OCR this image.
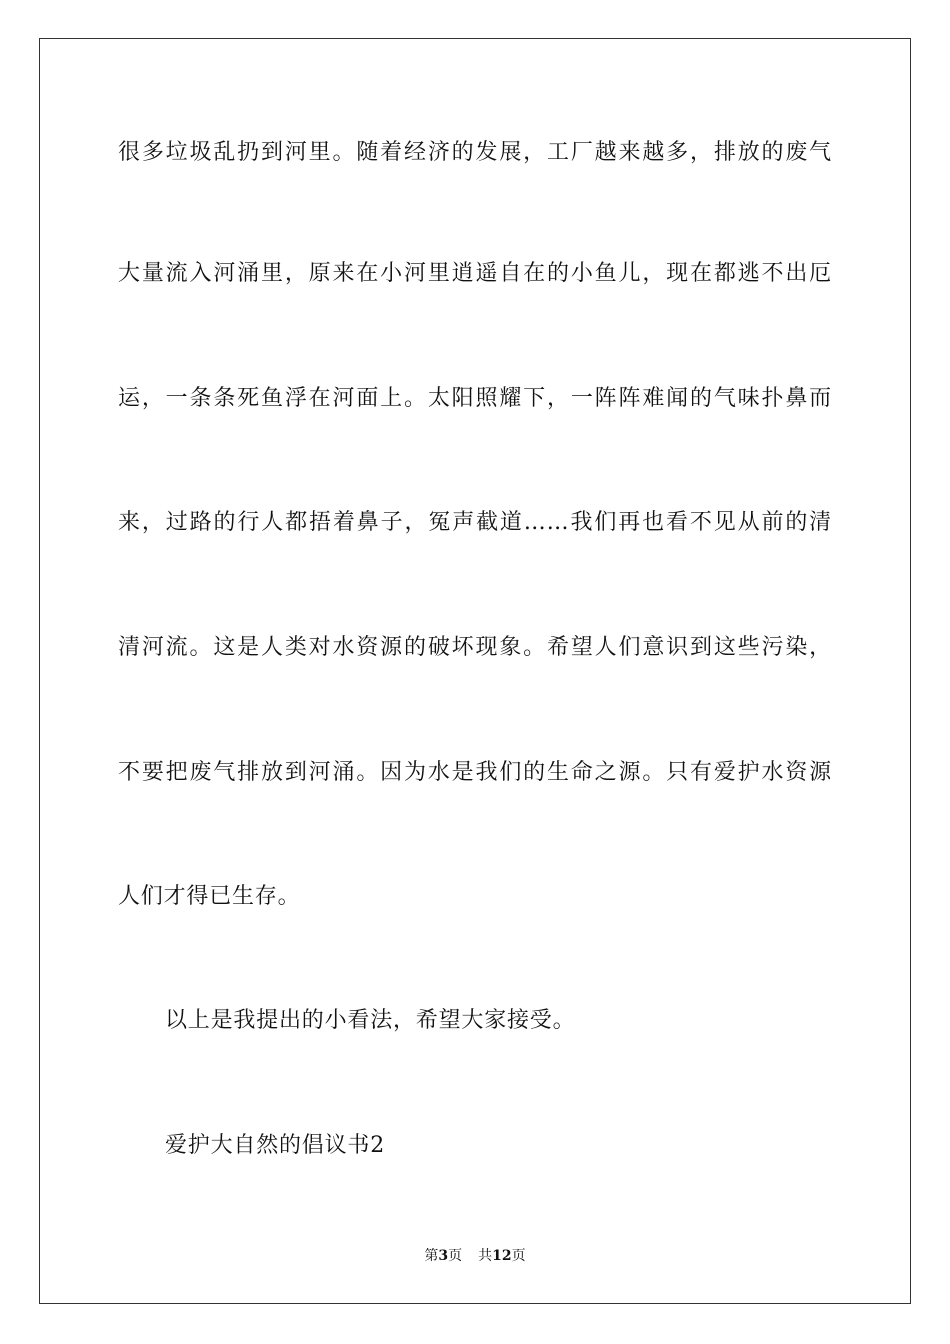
很多垃圾乱扔到河里。随着经济的发展，工厂越来越多，排放的废气
大量流入河涌里，原来在小河里逍遥自在的小鱼儿，现在都逃不出厄
运，一条条死鱼浮在河面上。太阳照耀下，一阵阵难闻的气味扑鼻而
来，过路的行人都捂着鼻子，冤声截道……我们再也看不见从前的清
清河流。这是人类对水资源的破坏现象。希望人们意识到这些污染，
不要把废气排放到河涌。因为水是我们的生命之源。只有爱护水资源
人们才得已生存。
以上是我提出的小看法，希望大家接受。
爱护大自然的倡议书2
第3页 共12页
